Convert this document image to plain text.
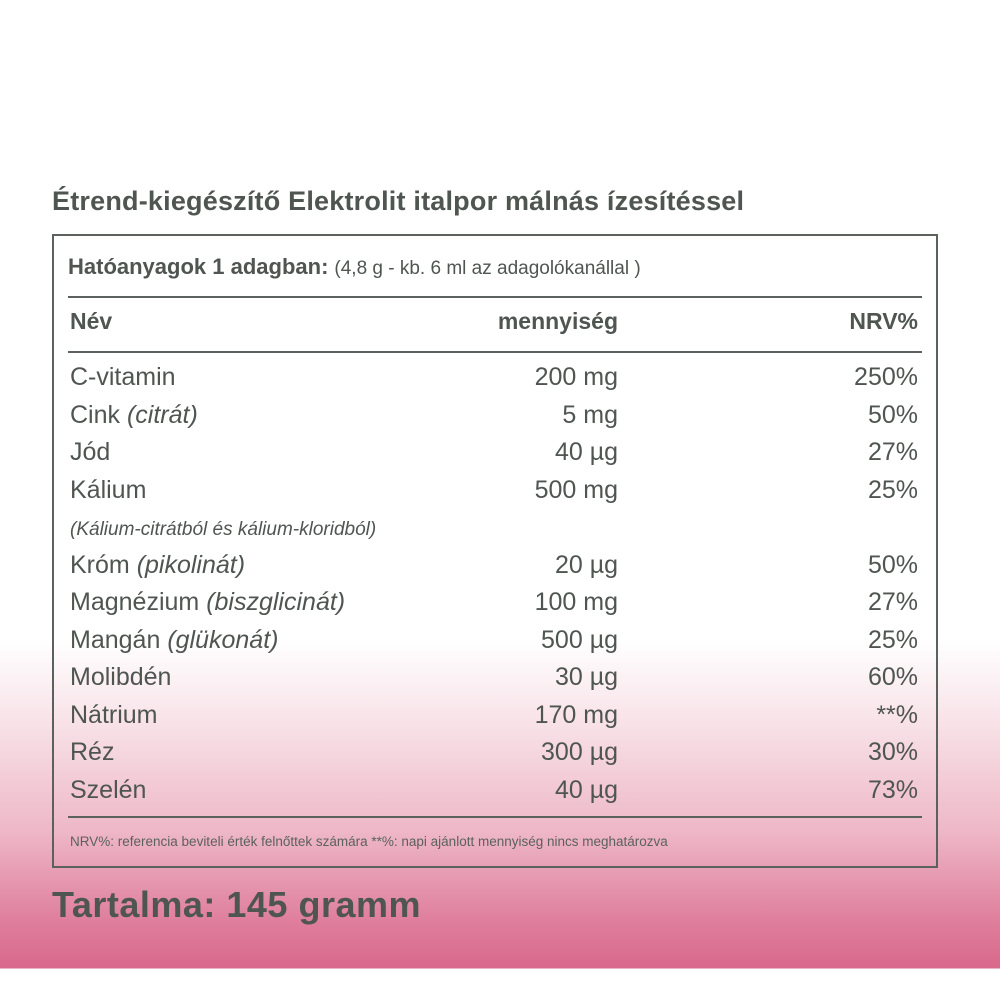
Étrend-kiegészítő Elektrolit italpor málnás ízesítéssel
Hatóanyagok 1 adagban: (4,8 g - kb. 6 ml az adagolókanállal )
Név	mennyiség	NRV%
C-vitamin	200 mg	250%
Cink (citrát)	5 mg	50%
Jód	40 µg	27%
Kálium	500 mg	25%
(Kálium-citrátból és kálium-kloridból)
Króm (pikolinát)	20 µg	50%
Magnézium (biszglicinát)	100 mg	27%
Mangán (glükonát)	500 µg	25%
Molibdén	30 µg	60%
Nátrium	170 mg	**%
Réz	300 µg	30%
Szelén	40 µg	73%
NRV%: referencia beviteli érték felnőttek számára **%: napi ajánlott mennyiség nincs meghatározva
Tartalma: 145 gramm
